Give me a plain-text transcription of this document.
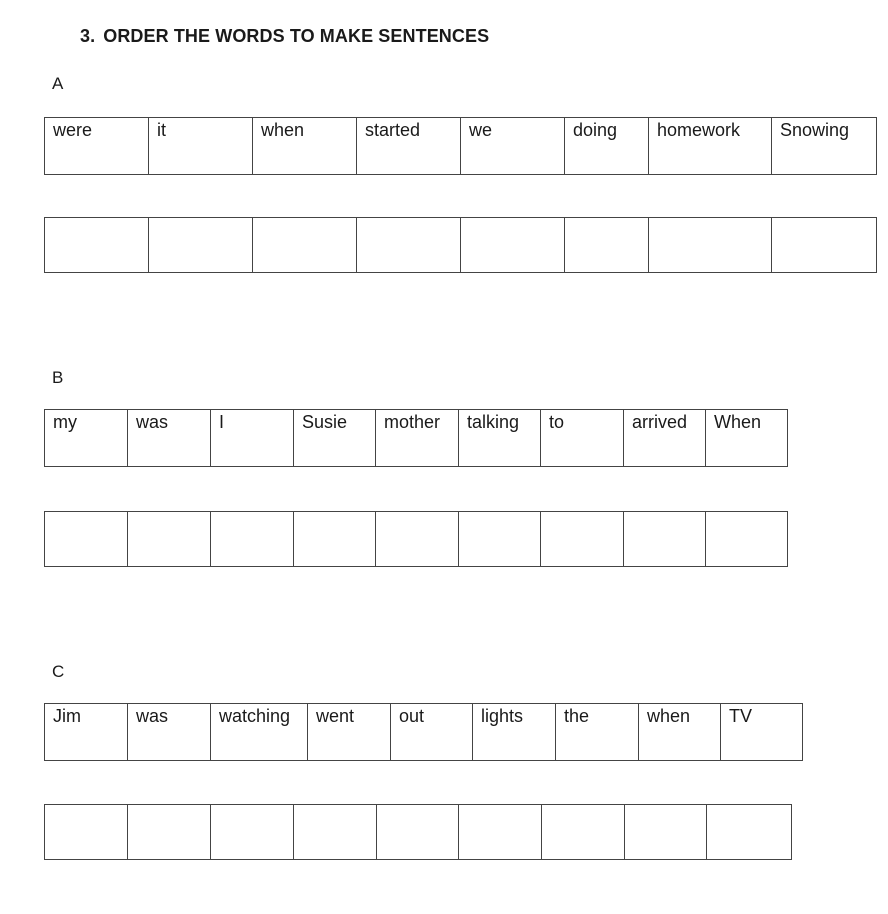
3. ORDER THE WORDS TO MAKE SENTENCES
A
were	it	when	started	we	doing	homework	Snowing

B
my	was	I	Susie	mother	talking	to	arrived	When

C
Jim	was	watching	went	out	lights	the	when	TV
